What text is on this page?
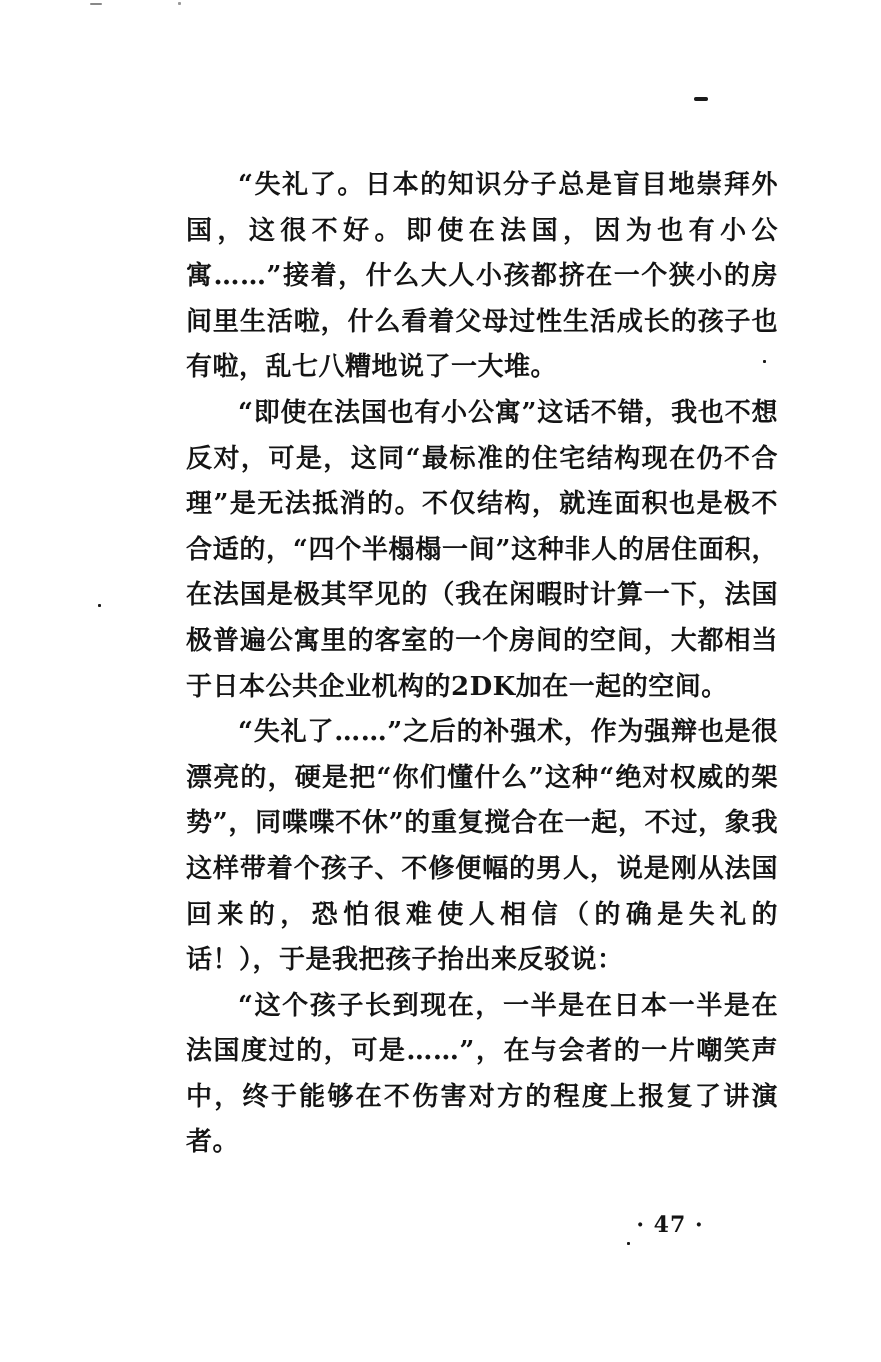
“失礼了。日本的知识分子总是盲目地崇拜外国，这很不好。即使在法国，因为也有小公寓……”接着，什么大人小孩都挤在一个狭小的房间里生活啦，什么看着父母过性生活成长的孩子也有啦，乱七八糟地说了一大堆。

“即使在法国也有小公寓”这话不错，我也不想反对，可是，这同“最标准的住宅结构现在仍不合理”是无法抵消的。不仅结构，就连面积也是极不合适的，“四个半榻榻一间”这种非人的居住面积，在法国是极其罕见的（我在闲暇时计算一下，法国极普遍公寓里的客室的一个房间的空间，大都相当于日本公共企业机构的2DK加在一起的空间。

“失礼了……”之后的补强术，作为强辩也是很漂亮的，硬是把“你们懂什么”这种“绝对权威的架势”，同喋喋不休”的重复搅合在一起，不过，象我这样带着个孩子、不修便幅的男人，说是刚从法国回来的，恐怕很难使人相信（的确是失礼的话！），于是我把孩子抬出来反驳说：

“这个孩子长到现在，一半是在日本一半是在法国度过的，可是……”，在与会者的一片嘲笑声中，终于能够在不伤害对方的程度上报复了讲演者。

· 47 ·
